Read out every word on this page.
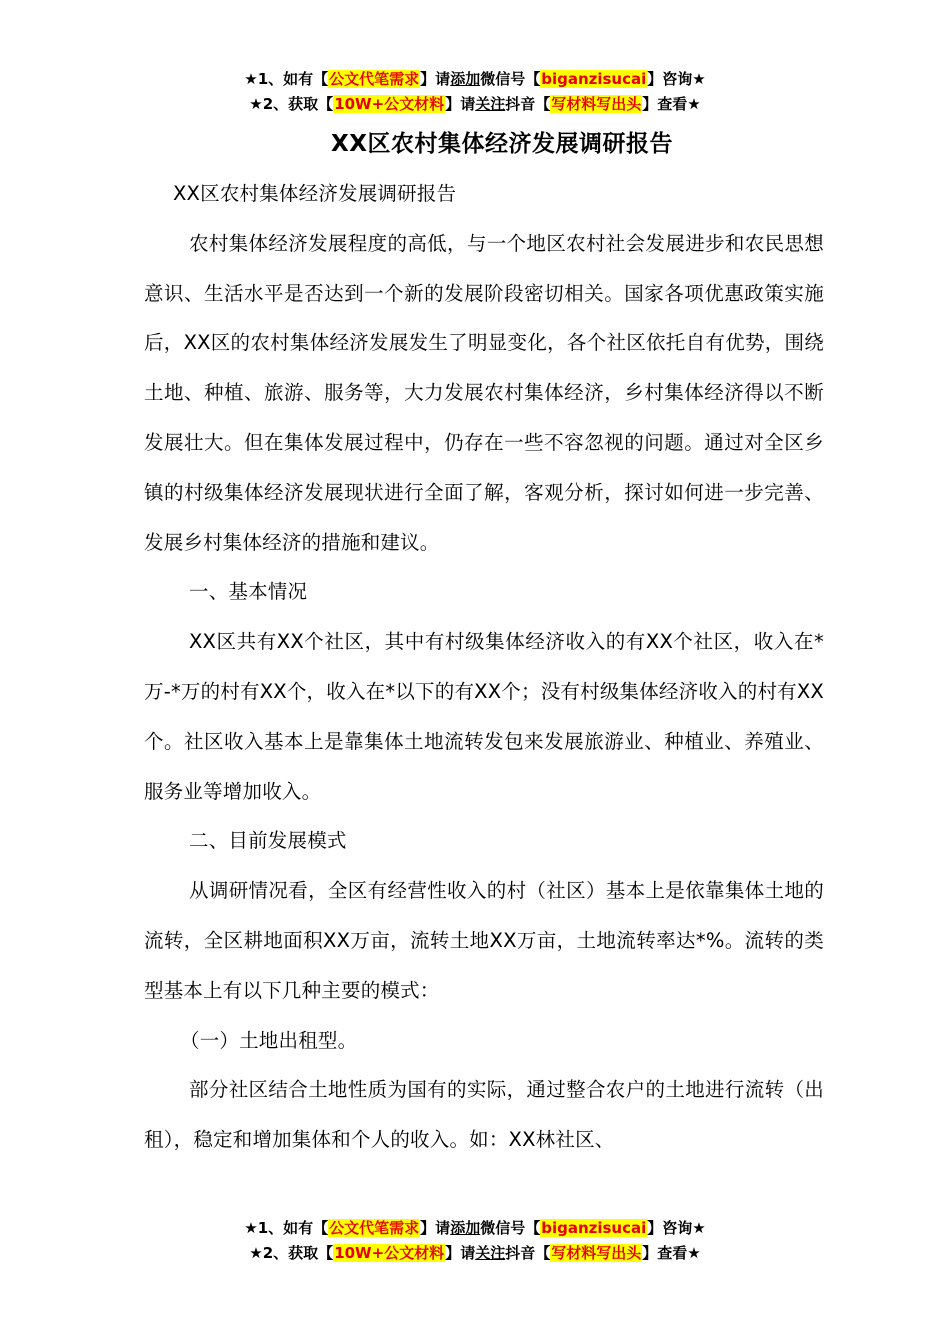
★1、如有【公文代笔需求】请添加微信号【biganzisucai】咨询★
★2、获取【10W+公文材料】请关注抖音【写材料写出头】查看★
XX区农村集体经济发展调研报告

XX区农村集体经济发展调研报告

农村集体经济发展程度的高低，与一个地区农村社会发展进步和农民思想意识、生活水平是否达到一个新的发展阶段密切相关。国家各项优惠政策实施后，XX区的农村集体经济发展发生了明显变化，各个社区依托自有优势，围绕土地、种植、旅游、服务等，大力发展农村集体经济，乡村集体经济得以不断发展壮大。但在集体发展过程中，仍存在一些不容忽视的问题。通过对全区乡镇的村级集体经济发展现状进行全面了解，客观分析，探讨如何进一步完善、发展乡村集体经济的措施和建议。

一、基本情况

XX区共有XX个社区，其中有村级集体经济收入的有XX个社区，收入在*万-*万的村有XX个，收入在*以下的有XX个；没有村级集体经济收入的村有XX个。社区收入基本上是靠集体土地流转发包来发展旅游业、种植业、养殖业、服务业等增加收入。

二、目前发展模式

从调研情况看，全区有经营性收入的村（社区）基本上是依靠集体土地的流转，全区耕地面积XX万亩，流转土地XX万亩，土地流转率达*%。流转的类型基本上有以下几种主要的模式：

（一）土地出租型。

部分社区结合土地性质为国有的实际，通过整合农户的土地进行流转（出租），稳定和增加集体和个人的收入。如：XX林社区、

★1、如有【公文代笔需求】请添加微信号【biganzisucai】咨询★
★2、获取【10W+公文材料】请关注抖音【写材料写出头】查看★
